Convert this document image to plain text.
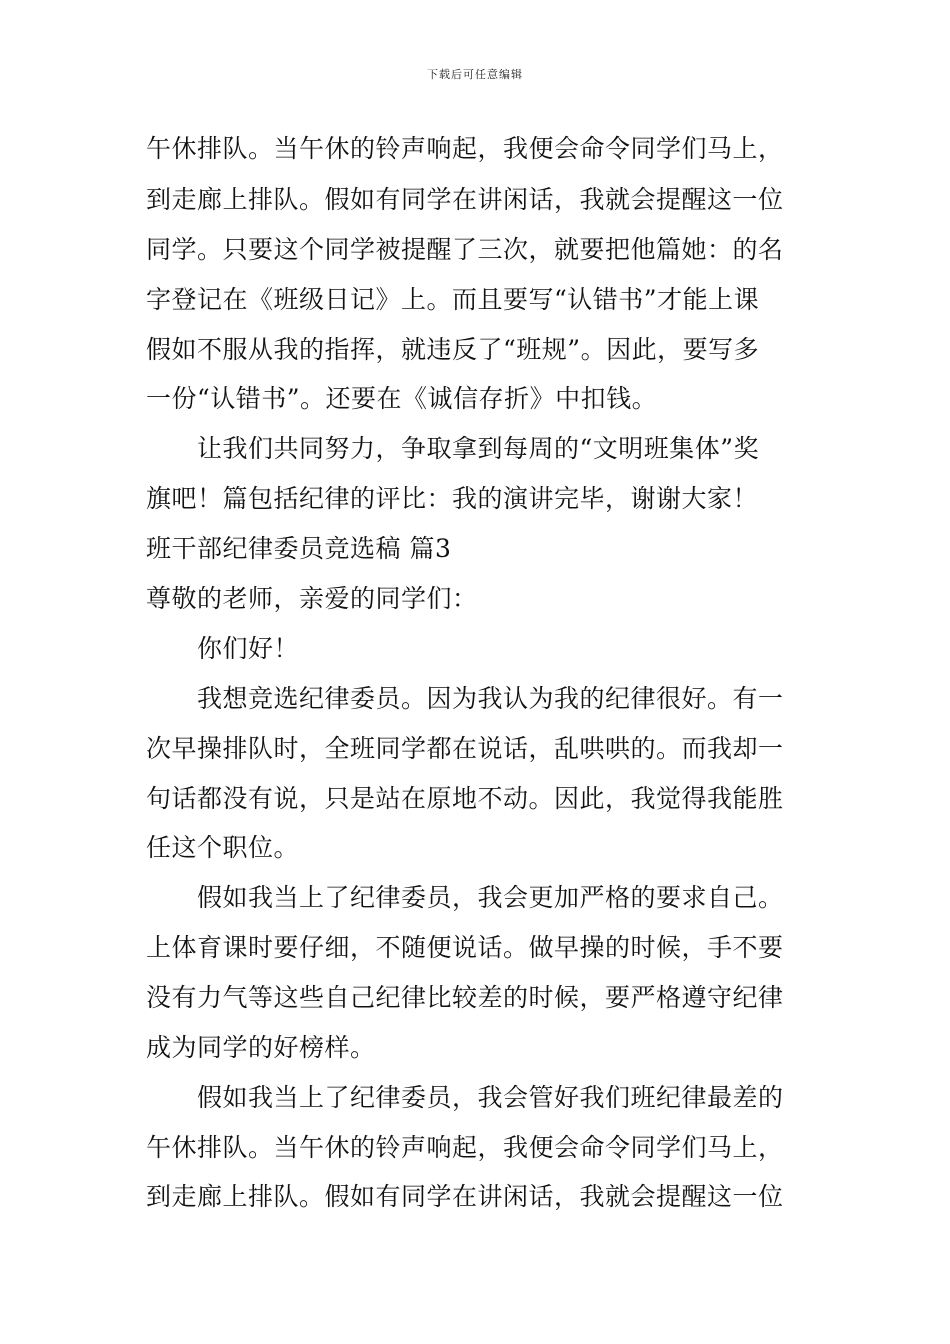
下载后可任意编辑
午休排队。当午休的铃声响起，我便会命令同学们马上，
到走廊上排队。假如有同学在讲闲话，我就会提醒这一位
同学。只要这个同学被提醒了三次，就要把他篇她：的名
字登记在《班级日记》上。而且要写“认错书”才能上课
假如不服从我的指挥，就违反了“班规”。因此，要写多
一份“认错书”。还要在《诚信存折》中扣钱。
让我们共同努力，争取拿到每周的“文明班集体”奖
旗吧！篇包括纪律的评比：我的演讲完毕，谢谢大家！
班干部纪律委员竞选稿 篇3
尊敬的老师，亲爱的同学们：
你们好！
我想竞选纪律委员。因为我认为我的纪律很好。有一
次早操排队时，全班同学都在说话，乱哄哄的。而我却一
句话都没有说，只是站在原地不动。因此，我觉得我能胜
任这个职位。
假如我当上了纪律委员，我会更加严格的要求自己。
上体育课时要仔细，不随便说话。做早操的时候，手不要
没有力气等这些自己纪律比较差的时候，要严格遵守纪律
成为同学的好榜样。
假如我当上了纪律委员，我会管好我们班纪律最差的
午休排队。当午休的铃声响起，我便会命令同学们马上，
到走廊上排队。假如有同学在讲闲话，我就会提醒这一位
